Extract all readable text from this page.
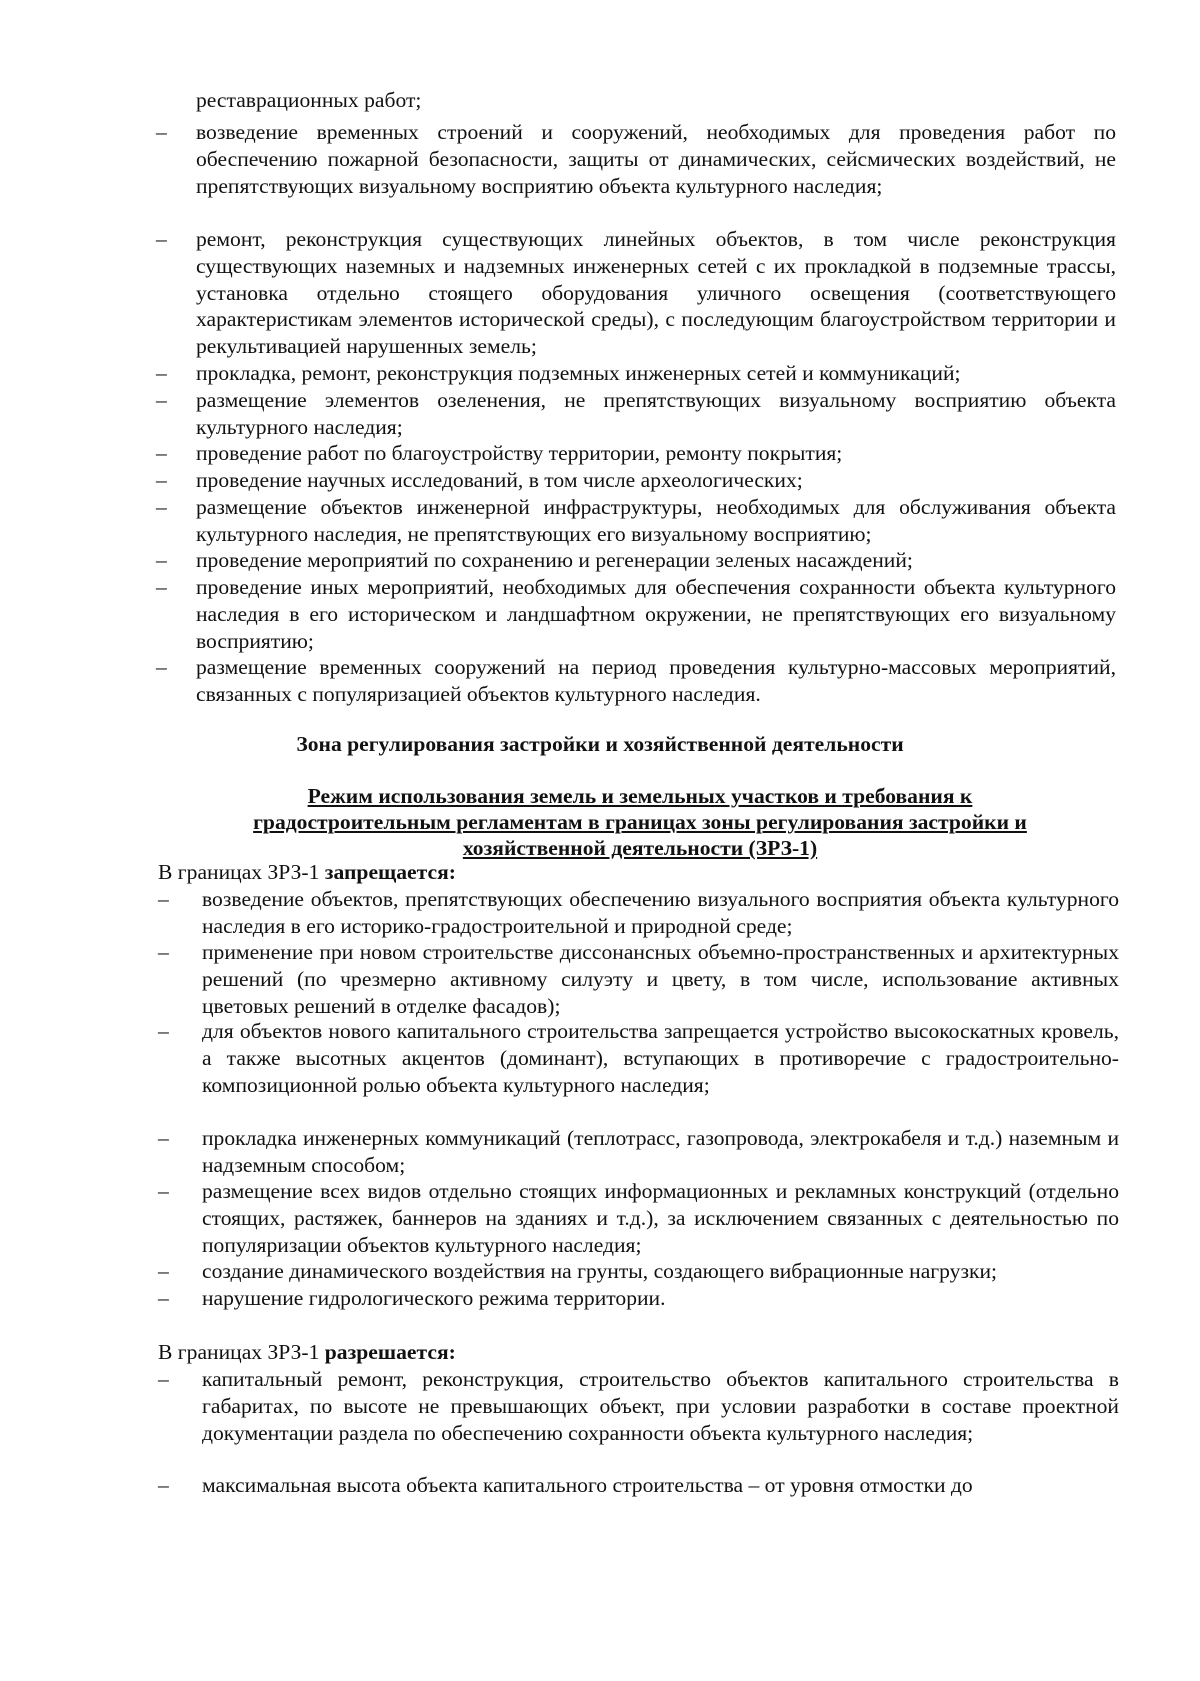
реставрационных работ;

– возведение временных строений и сооружений, необходимых для проведения работ по обеспечению пожарной безопасности, защиты от динамических, сейсмических воздействий, не препятствующих визуальному восприятию объекта культурного наследия;
– ремонт, реконструкция существующих линейных объектов, в том числе реконструкция существующих наземных и надземных инженерных сетей с их прокладкой в подземные трассы, установка отдельно стоящего оборудования уличного освещения (соответствующего характеристикам элементов исторической среды), с последующим благоустройством территории и рекультивацией нарушенных земель;
– прокладка, ремонт, реконструкция подземных инженерных сетей и коммуникаций;
– размещение элементов озеленения, не препятствующих визуальному восприятию объекта культурного наследия;
– проведение работ по благоустройству территории, ремонту покрытия;
– проведение научных исследований, в том числе археологических;
– размещение объектов инженерной инфраструктуры, необходимых для обслуживания объекта культурного наследия, не препятствующих его визуальному восприятию;
– проведение мероприятий по сохранению и регенерации зеленых насаждений;
– проведение иных мероприятий, необходимых для обеспечения сохранности объекта культурного наследия в его историческом и ландшафтном окружении, не препятствующих его визуальному восприятию;
– размещение временных сооружений на период проведения культурно-массовых мероприятий, связанных с популяризацией объектов культурного наследия.
Зона регулирования застройки и хозяйственной деятельности

Режим использования земель и земельных участков и требования к

градостроительным регламентам в границах зоны регулирования застройки и

хозяйственной деятельности (ЗРЗ-1)

В границах ЗРЗ-1 запрещается:

– возведение объектов, препятствующих обеспечению визуального восприятия объекта культурного наследия в его историко-градостроительной и природной среде;
– применение при новом строительстве диссонансных объемно-пространственных и архитектурных решений (по чрезмерно активному силуэту и цвету, в том числе, использование активных цветовых решений в отделке фасадов);
– для объектов нового капитального строительства запрещается устройство высокоскатных кровель, а также высотных акцентов (доминант), вступающих в противоречие с градостроительно-композиционной ролью объекта культурного наследия;
– прокладка инженерных коммуникаций (теплотрасс, газопровода, электрокабеля и т.д.) наземным и надземным способом;
– размещение всех видов отдельно стоящих информационных и рекламных конструкций (отдельно стоящих, растяжек, баннеров на зданиях и т.д.), за исключением связанных с деятельностью по популяризации объектов культурного наследия;
– создание динамического воздействия на грунты, создающего вибрационные нагрузки;
– нарушение гидрологического режима территории.

В границах ЗРЗ-1 разрешается:

– капитальный ремонт, реконструкция, строительство объектов капитального строительства в габаритах, по высоте не превышающих объект, при условии разработки в составе проектной документации раздела по обеспечению сохранности объекта культурного наследия;
– максимальная высота объекта капитального строительства – от уровня отмостки до
